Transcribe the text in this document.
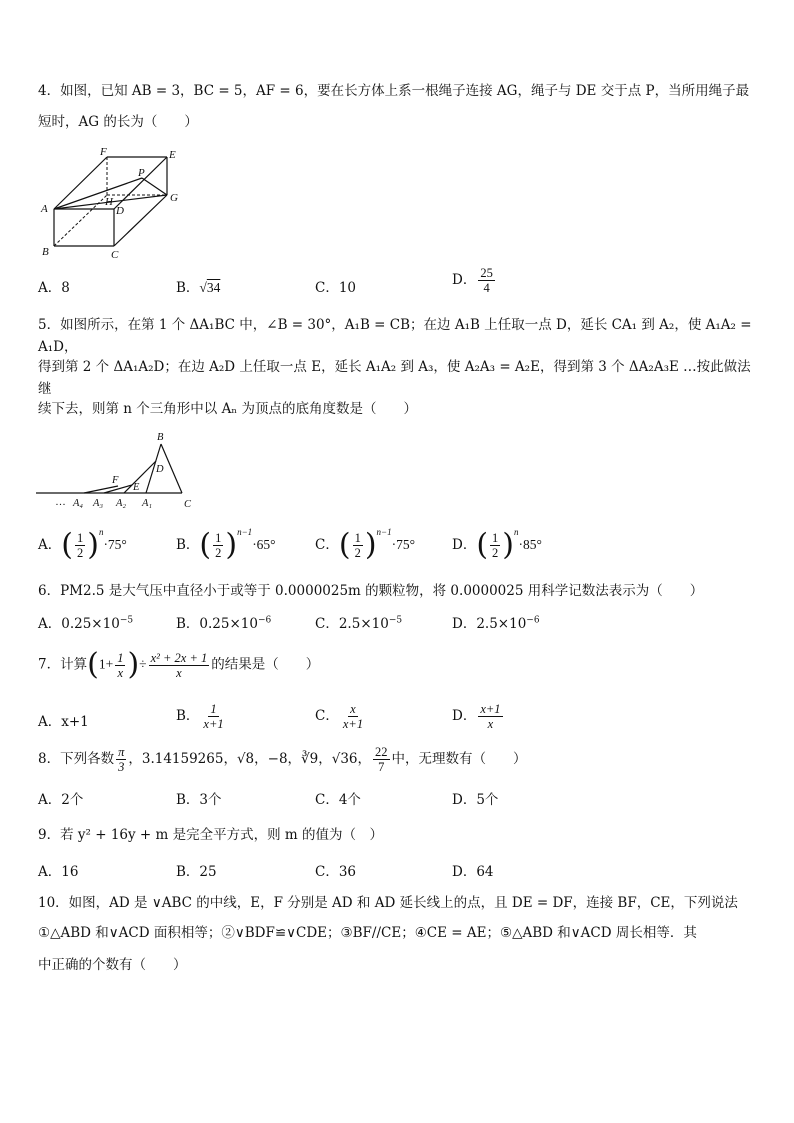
4．如图，已知 AB = 3，BC = 5，AF = 6，要在长方体上系一根绳子连接 AG，绳子与 DE 交于点 P，当所用绳子最
短时，AG 的长为（　　）
F	E
P
A
H
D
G
B	C
A．8	B．√34	C．10	D． $\frac{25}{4}$
5．如图所示，在第 1 个 ΔA₁BC 中，∠B = 30°，A₁B = CB；在边 A₁B 上任取一点 D，延长 CA₁ 到 A₂，使 A₁A₂ = A₁D，
得到第 2 个 ΔA₁A₂D；在边 A₂D 上任取一点 E，延长 A₁A₂ 到 A₃，使 A₂A₃ = A₂E，得到第 3 个 ΔA₂A₃E …按此做法继
续下去，则第 n 个三角形中以 Aₙ 为顶点的底角度数是（　　）
B
D
F
E
… A₄ A₃ A₂ A₁	C
A．( $\frac{1}{2} )^n\cdot 75^\circ$	B．( $\frac{1}{2} )^{n-1}\cdot 65^\circ$	C．( $\frac{1}{2} )^{n-1}\cdot 75^\circ$	D．( $\frac{1}{2} )^n\cdot 85^\circ$
6．PM2.5 是大气压中直径小于或等于 0.0000025m 的颗粒物，将 0.0000025 用科学记数法表示为（　　）
A．$0.25\times 10^{-5}$	B．$0.25\times 10^{-6}$	C．$2.5\times 10^{-5}$	D．$2.5\times 10^{-6}$
7．计算($1+ \frac{1}{x}$ )÷ $\frac{\text{x² + 2x + 1}}{x}$ 的结果是（　　）
A．x+1	B． $\frac{1}{x+1}$	C． $\frac{x}{x+1}$	D． $\frac{x+1}{x}$
8．下列各数 $\frac{\pi}{3}$ ，3.14159265，√8，−8，∛9，√36， $\frac{22}{7}$ 中，无理数有（　　）
A．2个	B．3个	C．4个	D．5个
9．若 y² + 16y + m 是完全平方式，则 m 的值为（　）
A．16	B．25	C．36	D．64
10．如图，AD 是 ∨ABC 的中线，E，F 分别是 AD 和 AD 延长线上的点，且 DE = DF，连接 BF，CE，下列说法
①△ABD 和∨ACD 面积相等；②∨BDF≌∨CDE；③BF//CE；④CE = AE；⑤△ABD 和∨ACD 周长相等．其
中正确的个数有（　　）
